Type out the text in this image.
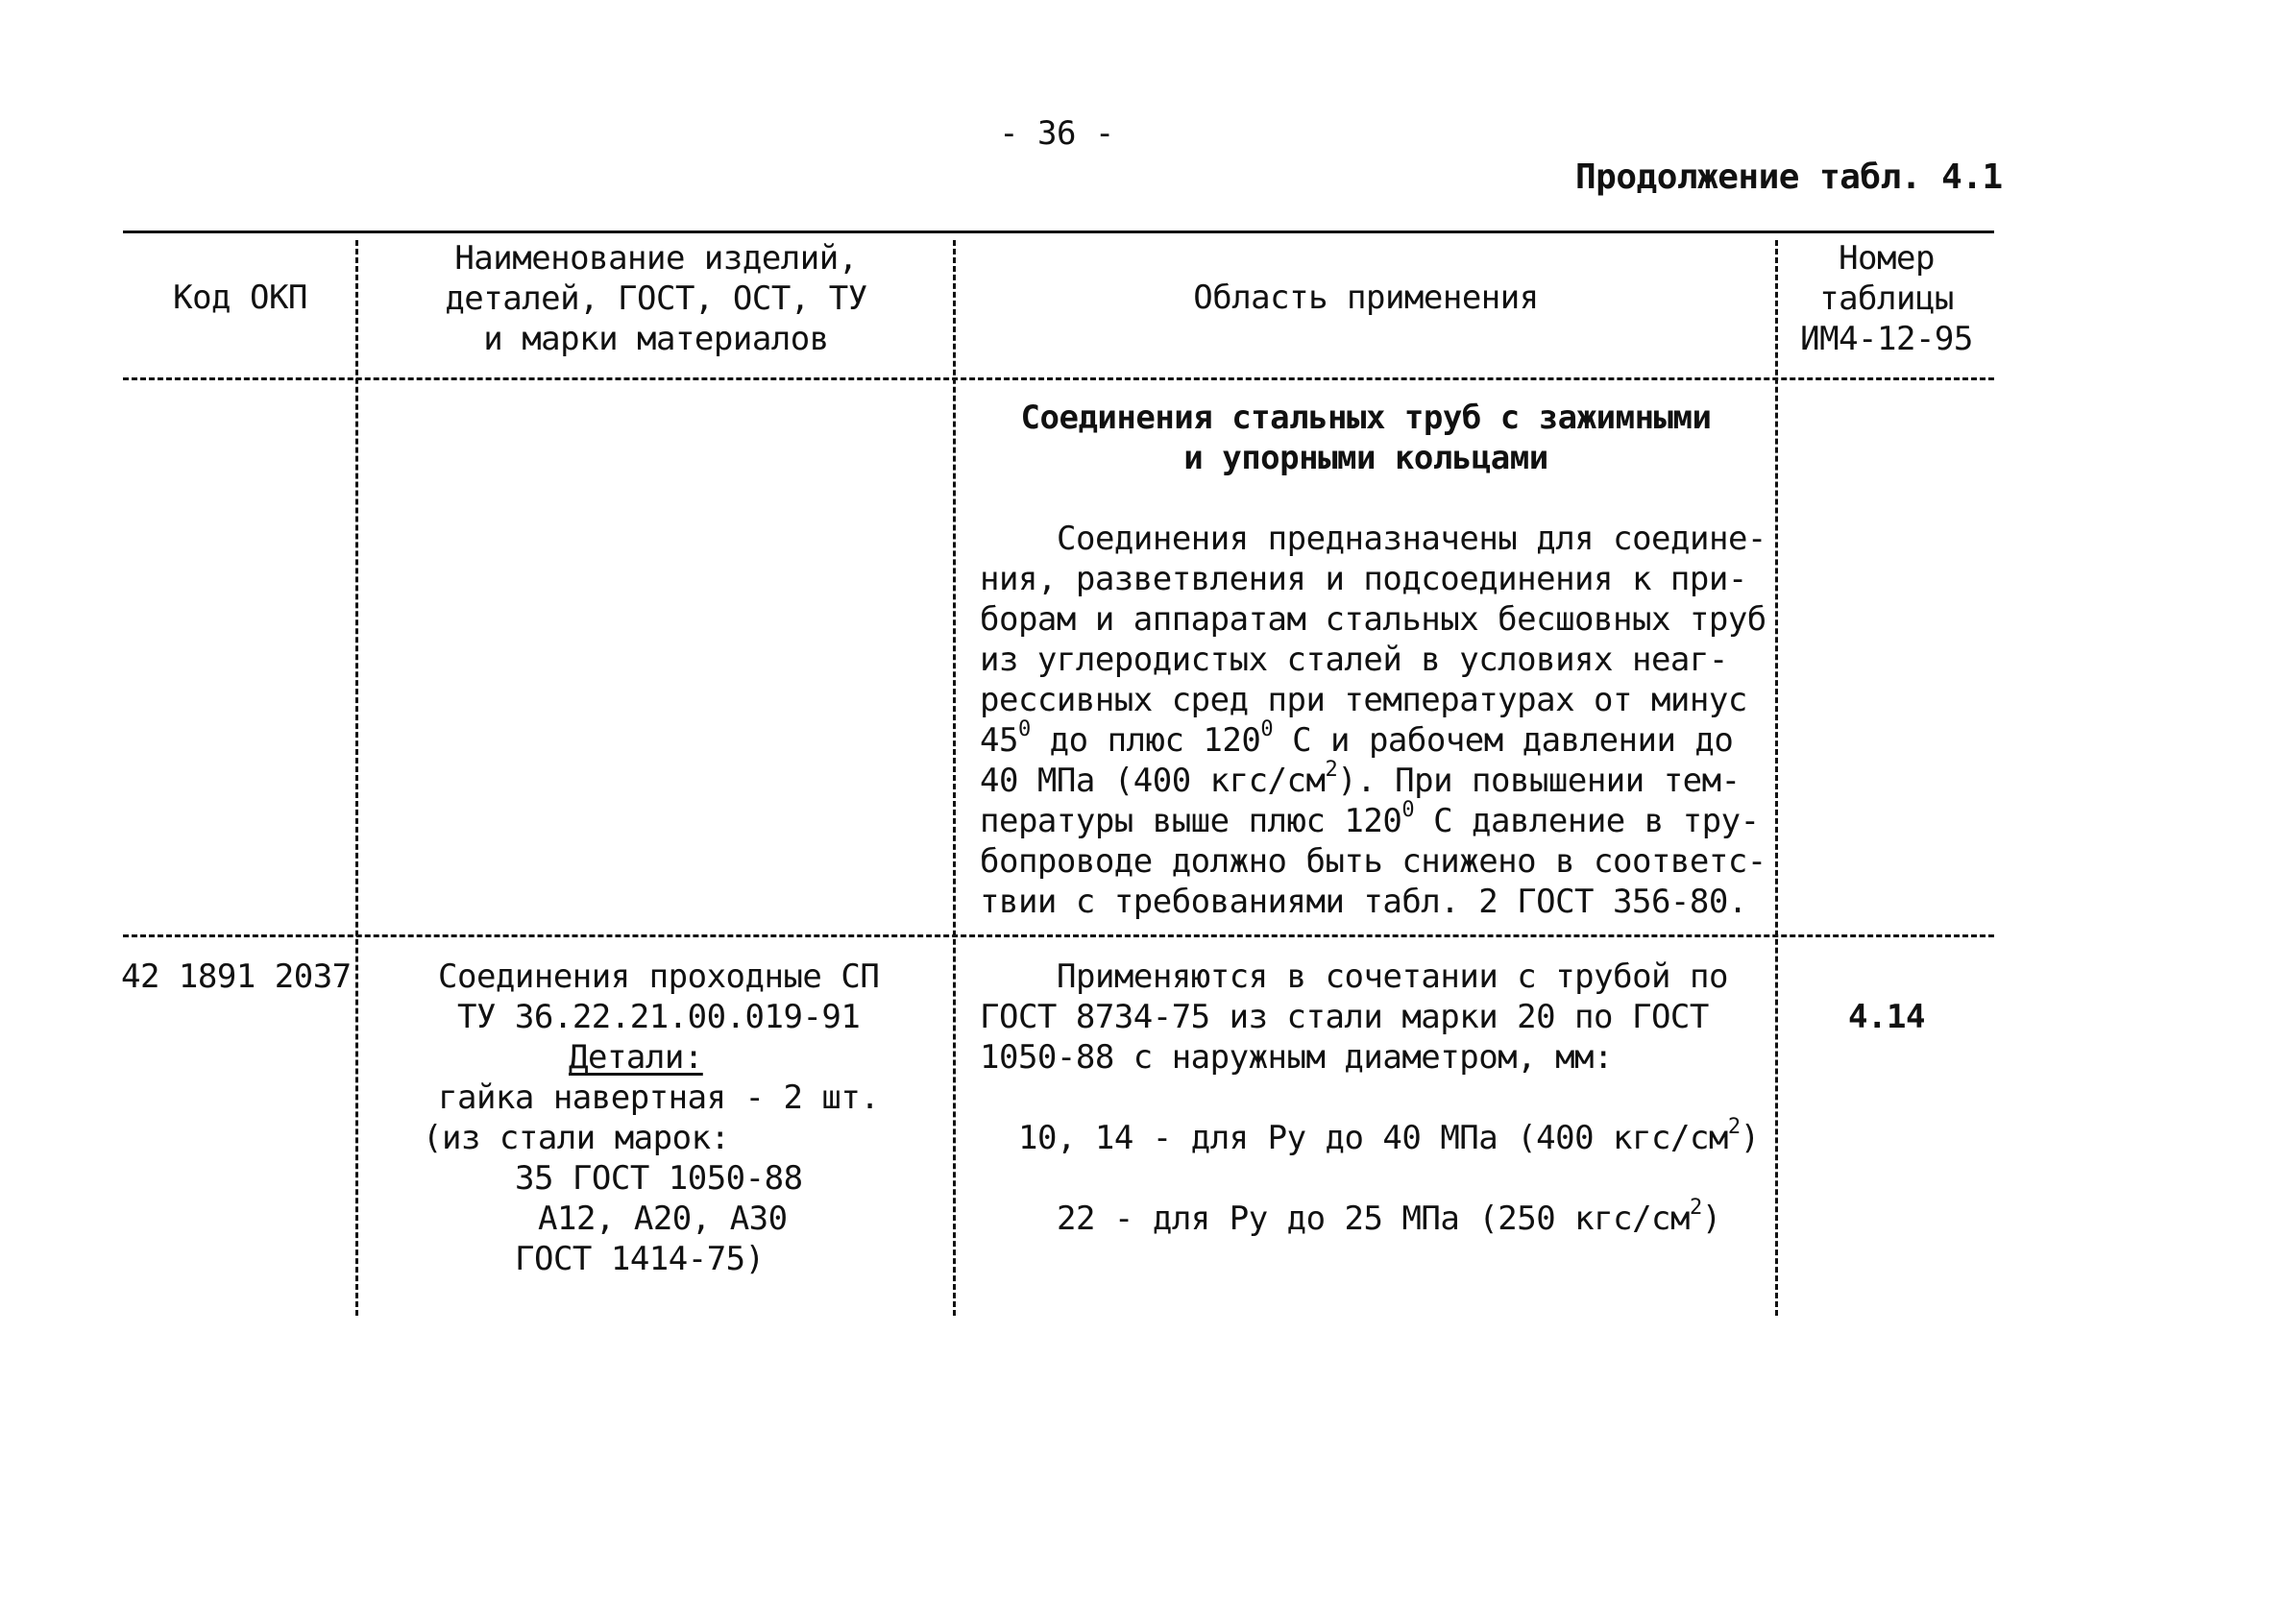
- 36 -
Продолжение табл. 4.1
Код ОКП
Наименование изделий,
деталей, ГОСТ, ОСТ, ТУ
и марки материалов
Область применения
Номер
таблицы
ИМ4-12-95
Соединения стальных труб с зажимными
и упорными кольцами
Соединения предназначены для соедине-
ния, разветвления и подсоединения к при-
борам и аппаратам стальных бесшовных труб
из углеродистых сталей в условиях неаг-
рессивных сред при температурах от минус
$45^0$ до плюс $120^0$ С и рабочем давлении до
40 МПа (400 кгс/$см^2$). При повышении тем-
пературы выше плюс $120^0$ С давление в тру-
бопроводе должно быть снижено в соответс-
твии с требованиями табл. 2 ГОСТ 356-80.
42 1891 2037	Соединения проходные СП
ТУ 36.22.21.00.019-91
Детали:
гайка навертная - 2 шт.
(из стали марок:
35 ГОСТ 1050-88
А12, А20, А30
ГОСТ 1414-75)
Применяются в сочетании с трубой по
ГОСТ 8734-75 из стали марки 20 по ГОСТ
1050-88 с наружным диаметром, мм:
10, 14 - для Ру до 40 МПа (400 кгс/$см^2$)
22 - для Ру до 25 МПа (250 кгс/$см^2$)
4.14
